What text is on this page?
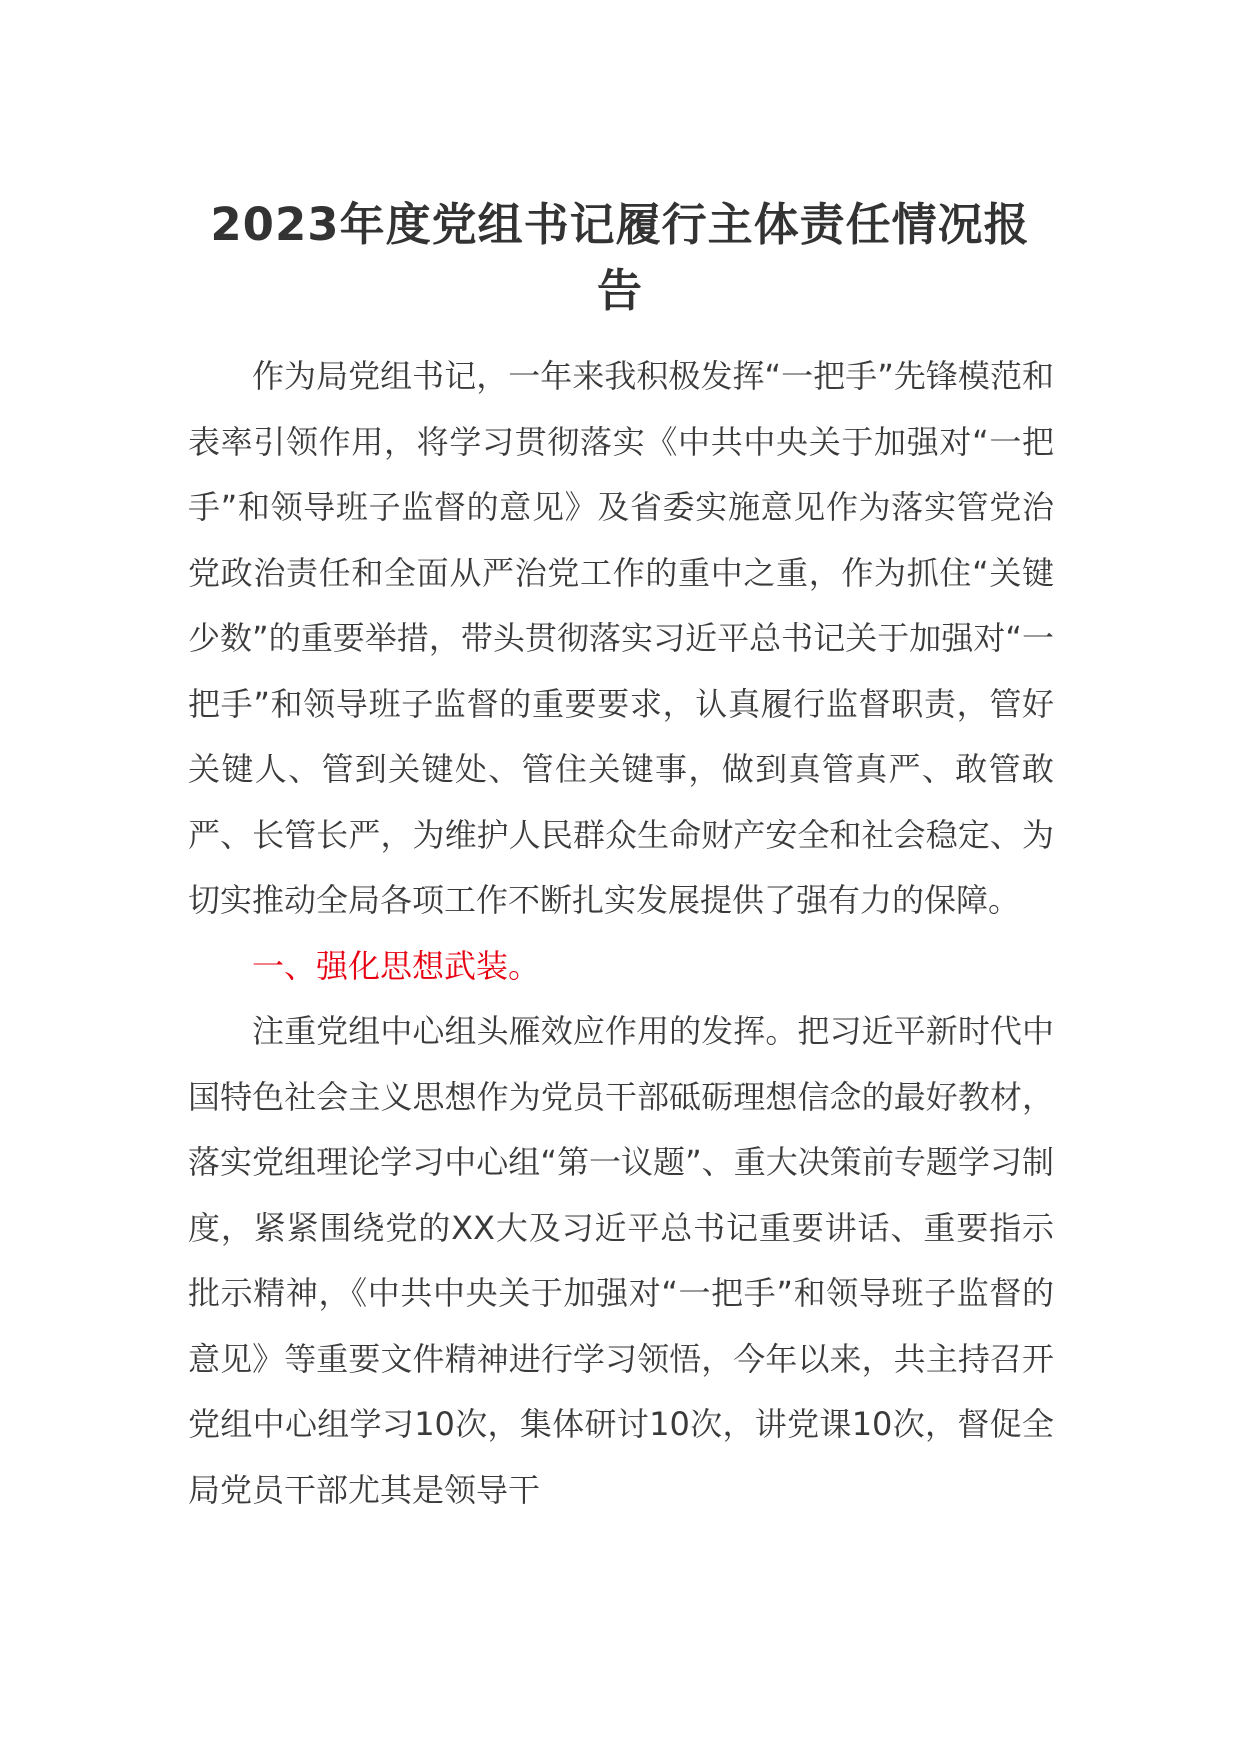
2023年度党组书记履行主体责任情况报告

作为局党组书记，一年来我积极发挥“一把手”先锋模范和表率引领作用，将学习贯彻落实《中共中央关于加强对“一把手”和领导班子监督的意见》及省委实施意见作为落实管党治党政治责任和全面从严治党工作的重中之重，作为抓住“关键少数”的重要举措，带头贯彻落实习近平总书记关于加强对“一把手”和领导班子监督的重要要求，认真履行监督职责，管好关键人、管到关键处、管住关键事，做到真管真严、敢管敢严、长管长严，为维护人民群众生命财产安全和社会稳定、为切实推动全局各项工作不断扎实发展提供了强有力的保障。

一、强化思想武装。

注重党组中心组头雁效应作用的发挥。把习近平新时代中国特色社会主义思想作为党员干部砥砺理想信念的最好教材，落实党组理论学习中心组“第一议题”、重大决策前专题学习制度，紧紧围绕党的XX大及习近平总书记重要讲话、重要指示批示精神，《中共中央关于加强对“一把手”和领导班子监督的意见》等重要文件精神进行学习领悟，今年以来，共主持召开党组中心组学习10次，集体研讨10次，讲党课10次，督促全局党员干部尤其是领导干
